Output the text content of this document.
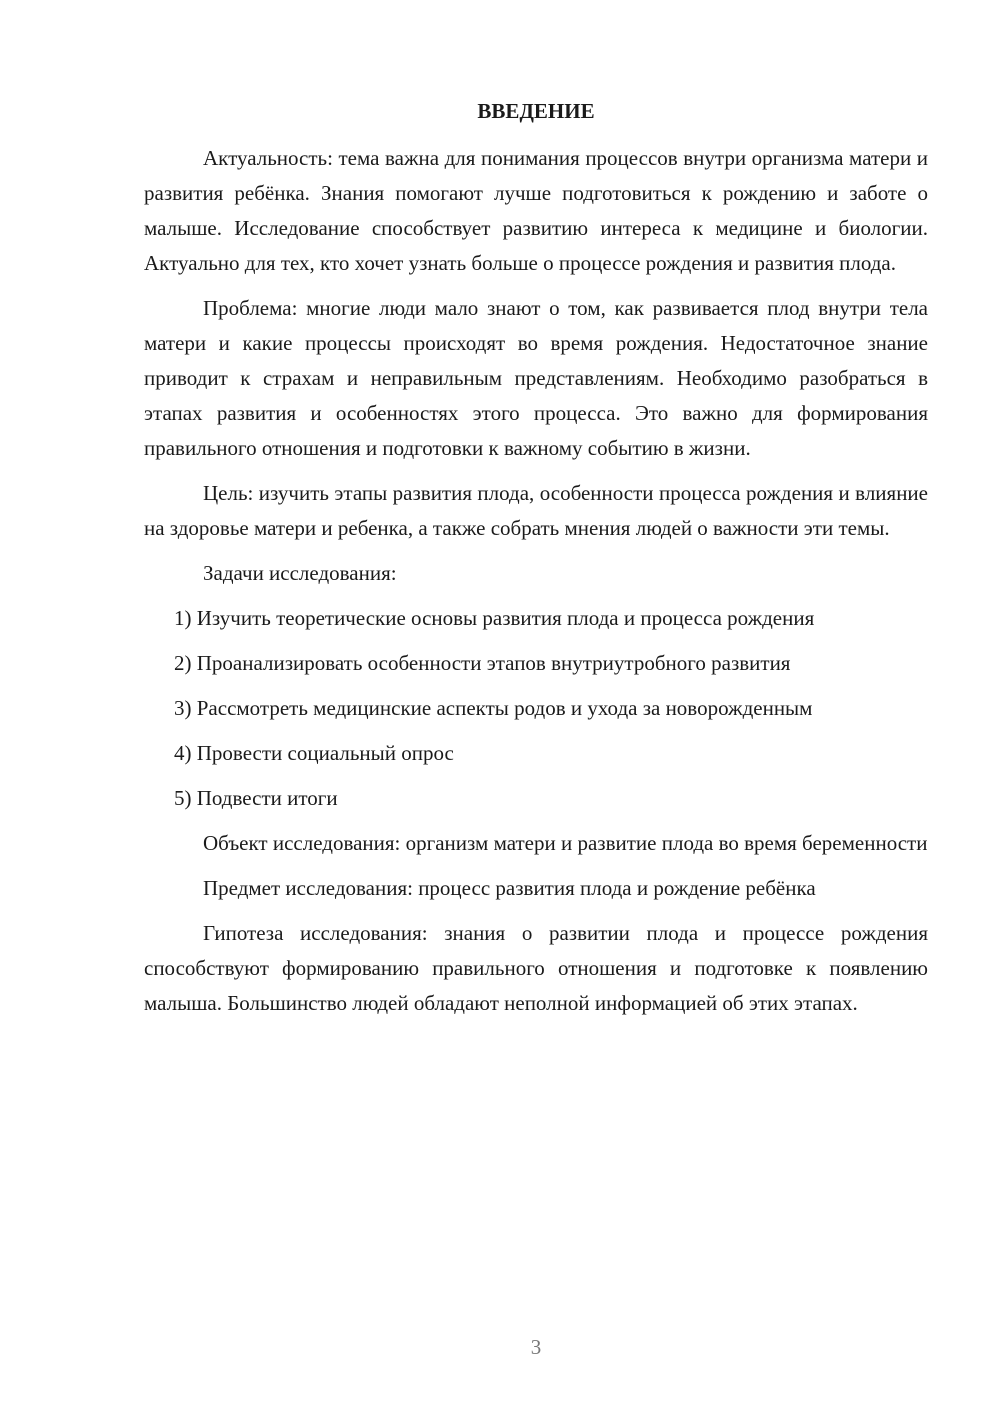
ВВЕДЕНИЕ

Актуальность: тема важна для понимания процессов внутри организма матери и развития ребёнка. Знания помогают лучше подготовиться к рождению и заботе о малыше. Исследование способствует развитию интереса к медицине и биологии. Актуально для тех, кто хочет узнать больше о процессе рождения и развития плода.

Проблема: многие люди мало знают о том, как развивается плод внутри тела матери и какие процессы происходят во время рождения. Недостаточное знание приводит к страхам и неправильным представлениям. Необходимо разобраться в этапах развития и особенностях этого процесса. Это важно для формирования правильного отношения и подготовки к важному событию в жизни.

Цель: изучить этапы развития плода, особенности процесса рождения и влияние на здоровье матери и ребенка, а также собрать мнения людей о важности эти темы.

Задачи исследования:

1) Изучить теоретические основы развития плода и процесса рождения

2) Проанализировать особенности этапов внутриутробного развития

3) Рассмотреть медицинские аспекты родов и ухода за новорожденным

4) Провести социальный опрос

5) Подвести итоги

Объект исследования: организм матери и развитие плода во время беременности

Предмет исследования: процесс развития плода и рождение ребёнка

Гипотеза исследования: знания о развитии плода и процессе рождения способствуют формированию правильного отношения и подготовке к появлению малыша. Большинство людей обладают неполной информацией об этих этапах.

3
